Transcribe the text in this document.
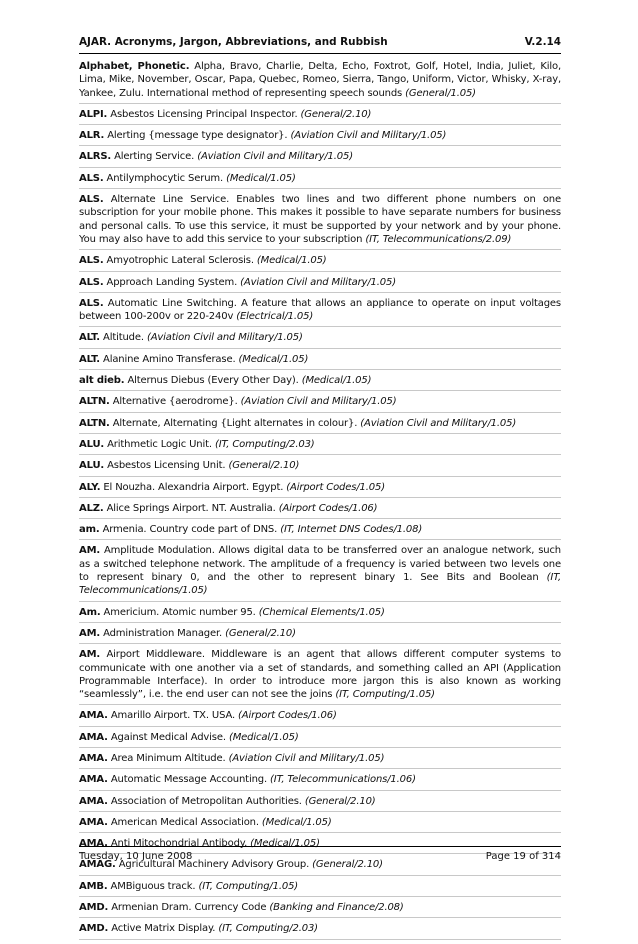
AJAR. Acronyms, Jargon, Abbreviations, and Rubbish	V.2.14
Alphabet, Phonetic. Alpha, Bravo, Charlie, Delta, Echo, Foxtrot, Golf, Hotel, India, Juliet, Kilo, Lima, Mike, November, Oscar, Papa, Quebec, Romeo, Sierra, Tango, Uniform, Victor, Whisky, X-ray, Yankee, Zulu. International method of representing speech sounds (General/1.05)
ALPI. Asbestos Licensing Principal Inspector. (General/2.10)
ALR. Alerting {message type designator}. (Aviation Civil and Military/1.05)
ALRS. Alerting Service. (Aviation Civil and Military/1.05)
ALS. Antilymphocytic Serum. (Medical/1.05)
ALS. Alternate Line Service. Enables two lines and two different phone numbers on one subscription for your mobile phone. This makes it possible to have separate numbers for business and personal calls. To use this service, it must be supported by your network and by your phone. You may also have to add this service to your subscription (IT, Telecommunications/2.09)
ALS. Amyotrophic Lateral Sclerosis. (Medical/1.05)
ALS. Approach Landing System. (Aviation Civil and Military/1.05)
ALS. Automatic Line Switching. A feature that allows an appliance to operate on input voltages between 100-200v or 220-240v (Electrical/1.05)
ALT. Altitude. (Aviation Civil and Military/1.05)
ALT. Alanine Amino Transferase. (Medical/1.05)
alt dieb. Alternus Diebus (Every Other Day). (Medical/1.05)
ALTN. Alternative {aerodrome}. (Aviation Civil and Military/1.05)
ALTN. Alternate, Alternating {Light alternates in colour}. (Aviation Civil and Military/1.05)
ALU. Arithmetic Logic Unit. (IT, Computing/2.03)
ALU. Asbestos Licensing Unit. (General/2.10)
ALY. El Nouzha. Alexandria Airport. Egypt. (Airport Codes/1.05)
ALZ. Alice Springs Airport. NT. Australia. (Airport Codes/1.06)
am. Armenia. Country code part of DNS. (IT, Internet DNS Codes/1.08)
AM. Amplitude Modulation. Allows digital data to be transferred over an analogue network, such as a switched telephone network. The amplitude of a frequency is varied between two levels one to represent binary 0, and the other to represent binary 1. See Bits and Boolean (IT, Telecommunications/1.05)
Am. Americium. Atomic number 95. (Chemical Elements/1.05)
AM. Administration Manager. (General/2.10)
AM. Airport Middleware. Middleware is an agent that allows different computer systems to communicate with one another via a set of standards, and something called an API (Application Programmable Interface). In order to introduce more jargon this is also known as working “seamlessly”, i.e. the end user can not see the joins (IT, Computing/1.05)
AMA. Amarillo Airport. TX. USA. (Airport Codes/1.06)
AMA. Against Medical Advise. (Medical/1.05)
AMA. Area Minimum Altitude. (Aviation Civil and Military/1.05)
AMA. Automatic Message Accounting. (IT, Telecommunications/1.06)
AMA. Association of Metropolitan Authorities. (General/2.10)
AMA. American Medical Association. (Medical/1.05)
AMA. Anti Mitochondrial Antibody. (Medical/1.05)
AMAG. Agricultural Machinery Advisory Group. (General/2.10)
AMB. AMBiguous track. (IT, Computing/1.05)
AMD. Armenian Dram. Currency Code (Banking and Finance/2.08)
AMD. Active Matrix Display. (IT, Computing/2.03)
Tuesday, 10 June 2008	Page 19 of 314
